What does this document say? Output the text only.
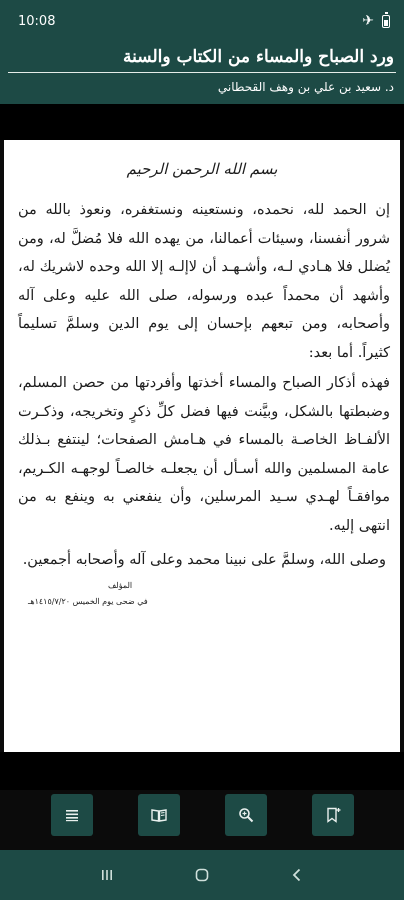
10:08	✈
ورد الصباح والمساء من الكتاب والسنة
د. سعيد بن علي بن وهف القحطاني
بسم الله الرحمن الرحيم

إن الحمد لله، نحمده، ونستعينه ونستغفره، ونعوذ بالله من شرور أنفسنا، وسيئات أعمالنا، من يهده الله فلا مُضلَّ له، ومن يُضلل فلا هـادي لـه، وأشـهـد أن لاإلـه إلا الله وحده لاشريك له، وأشهد أن محمداً عبده ورسوله، صلى الله عليه وعلى آله وأصحابه، ومن تبعهم بإحسان إلى يوم الدين وسلمَّ تسليماً كثيراً. أما بعد:

فهذه أذكار الصباح والمساء أخذتها وأفردتها من حصن المسلم، وضبطتها بالشكل، وبيَّنت فيها فضل كلِّ ذكرٍ وتخريجه، وذكـرت الألفـاظ الخاصـة بالمساء في هـامش الصفحات؛ لينتفع بـذلك عامة المسلمين والله أسـأل أن يجعلـه خالصـاً لوجهـه الكـريم، موافقـاً لهـدي سـيد المرسلين، وأن ينفعني به وينفع به من انتهى إليه.

وصلى الله، وسلمَّ على نبينا محمد وعلى آله وأصحابه أجمعين.
المؤلف
في ضحى يوم الخميس ١٤١٥/٧/٢٠هـ
